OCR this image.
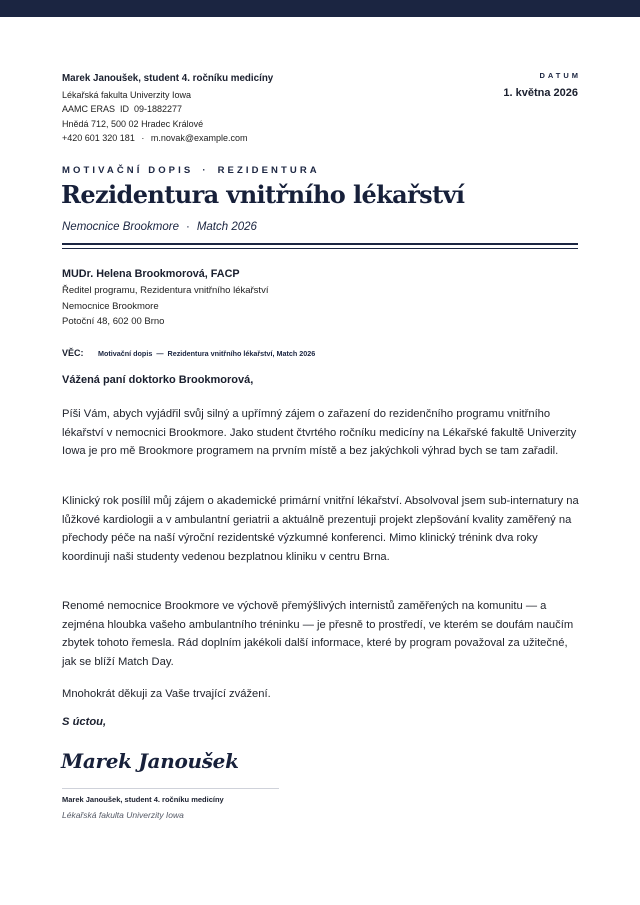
Marek Janoušek, student 4. ročníku medicíny
Lékařská fakulta Univerzity Iowa
AAMC ERAS  ID  09-1882277
Hnědá 712, 500 02 Hradec Králové
+420 601 320 181 · m.novak@example.com
DATUM
1. května 2026
MOTIVAČNÍ DOPIS · REZIDENTURA
Rezidentura vnitřního lékařství
Nemocnice Brookmore · Match 2026
MUDr. Helena Brookmorová, FACP
Ředitel programu, Rezidentura vnitřního lékařství
Nemocnice Brookmore
Potoční 48, 602 00 Brno
VĚC: Motivační dopis — Rezidentura vnitřního lékařství, Match 2026
Vážená paní doktorko Brookmorová,

Píši Vám, abych vyjádřil svůj silný a upřímný zájem o zařazení do rezidenčního programu vnitřního lékařství v nemocnici Brookmore. Jako student čtvrtého ročníku medicíny na Lékařské fakultě Univerzity Iowa je pro mě Brookmore programem na prvním místě a bez jakýchkoli výhrad bych se tam zařadil.

Klinický rok posílil můj zájem o akademické primární vnitřní lékařství. Absolvoval jsem sub-internatury na lůžkové kardiologii a v ambulantní geriatrii a aktuálně prezentuji projekt zlepšování kvality zaměřený na přechody péče na naší výroční rezidentské výzkumné konferenci. Mimo klinický trénink dva roky koordinuji naši studenty vedenou bezplatnou kliniku v centru Brna.

Renomé nemocnice Brookmore ve výchově přemýšlivých internistů zaměřených na komunitu — a zejména hloubka vašeho ambulantního tréninku — je přesně to prostředí, ve kterém se doufám naučím zbytek tohoto řemesla. Rád doplním jakékoli další informace, které by program považoval za užitečné, jak se blíží Match Day.

Mnohokrát děkuji za Vaše trvající zvážení.

S úctou,
Marek Janoušek
Marek Janoušek, student 4. ročníku medicíny
Lékařská fakulta Univerzity Iowa
